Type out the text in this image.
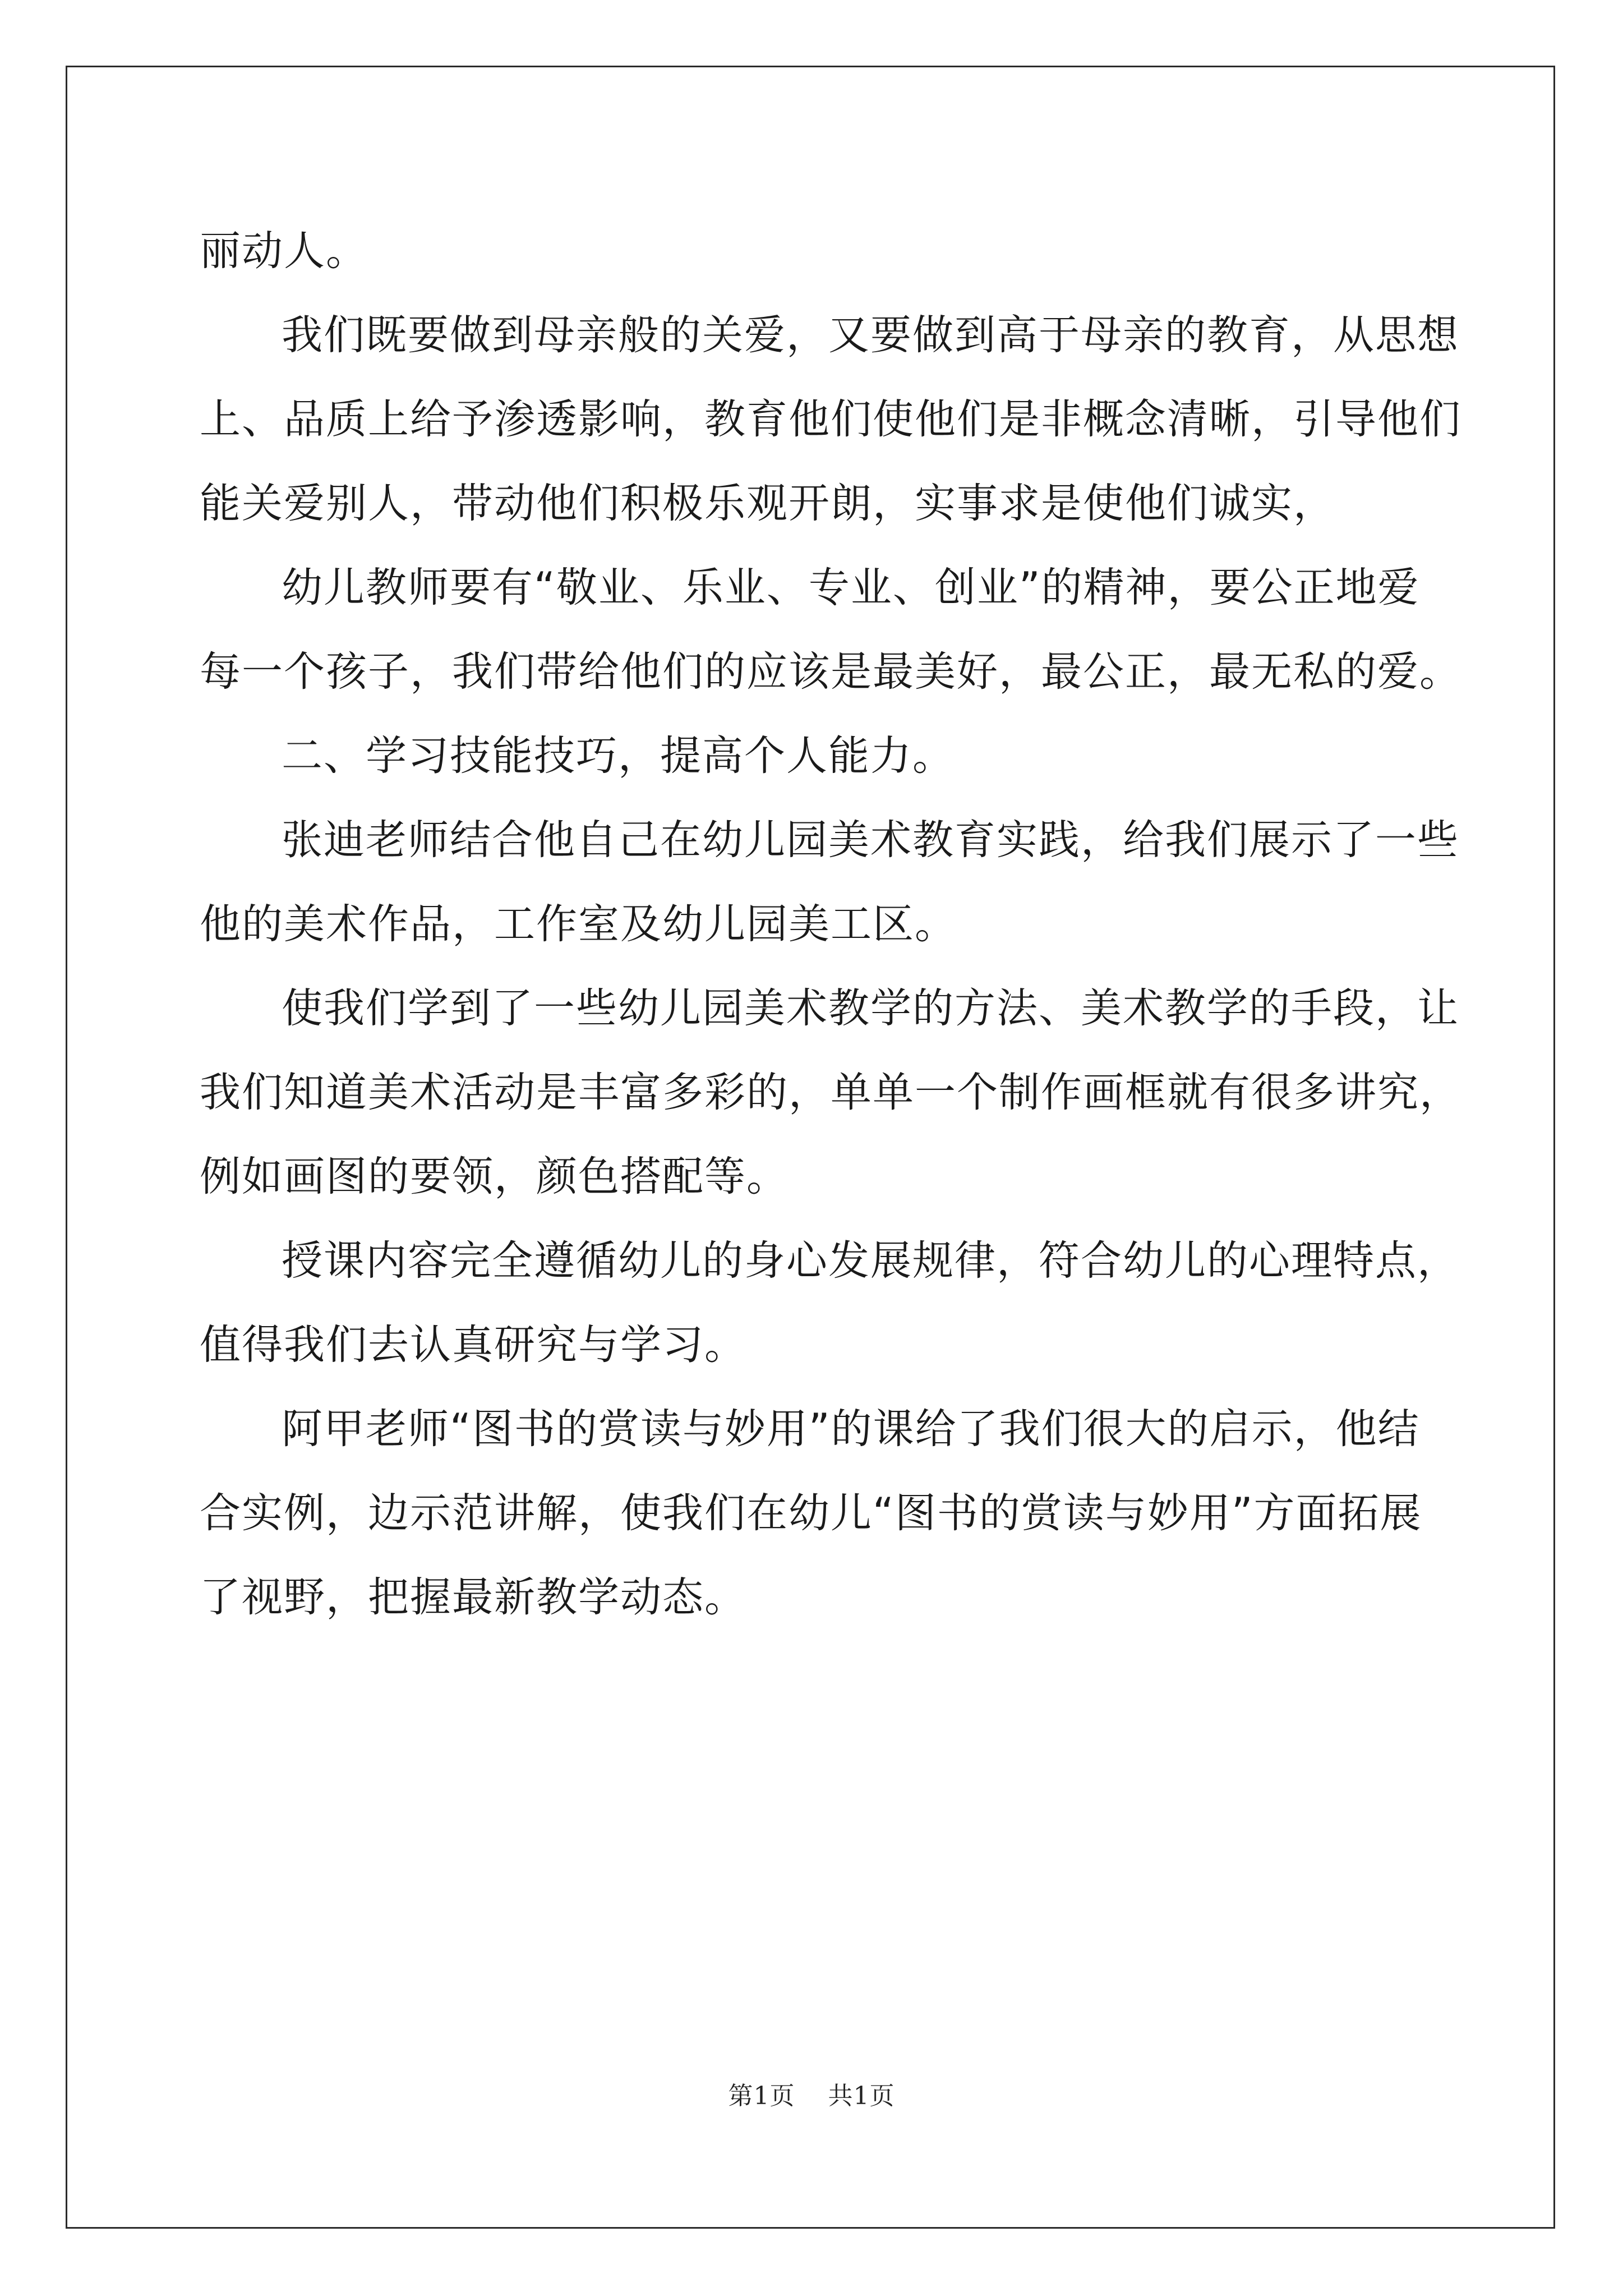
丽动人。
我们既要做到母亲般的关爱，又要做到高于母亲的教育，从思想
上、品质上给予渗透影响，教育他们使他们是非概念清晰，引导他们
能关爱别人，带动他们积极乐观开朗，实事求是使他们诚实，
幼儿教师要有“敬业、乐业、专业、创业”的精神，要公正地爱
每一个孩子，我们带给他们的应该是最美好，最公正，最无私的爱。
二、学习技能技巧，提高个人能力。
张迪老师结合他自己在幼儿园美术教育实践，给我们展示了一些
他的美术作品，工作室及幼儿园美工区。
使我们学到了一些幼儿园美术教学的方法、美术教学的手段，让
我们知道美术活动是丰富多彩的，单单一个制作画框就有很多讲究，
例如画图的要领，颜色搭配等。
授课内容完全遵循幼儿的身心发展规律，符合幼儿的心理特点，
值得我们去认真研究与学习。
阿甲老师“图书的赏读与妙用”的课给了我们很大的启示，他结
合实例，边示范讲解，使我们在幼儿“图书的赏读与妙用”方面拓展
了视野，把握最新教学动态。
第1页 共1页
